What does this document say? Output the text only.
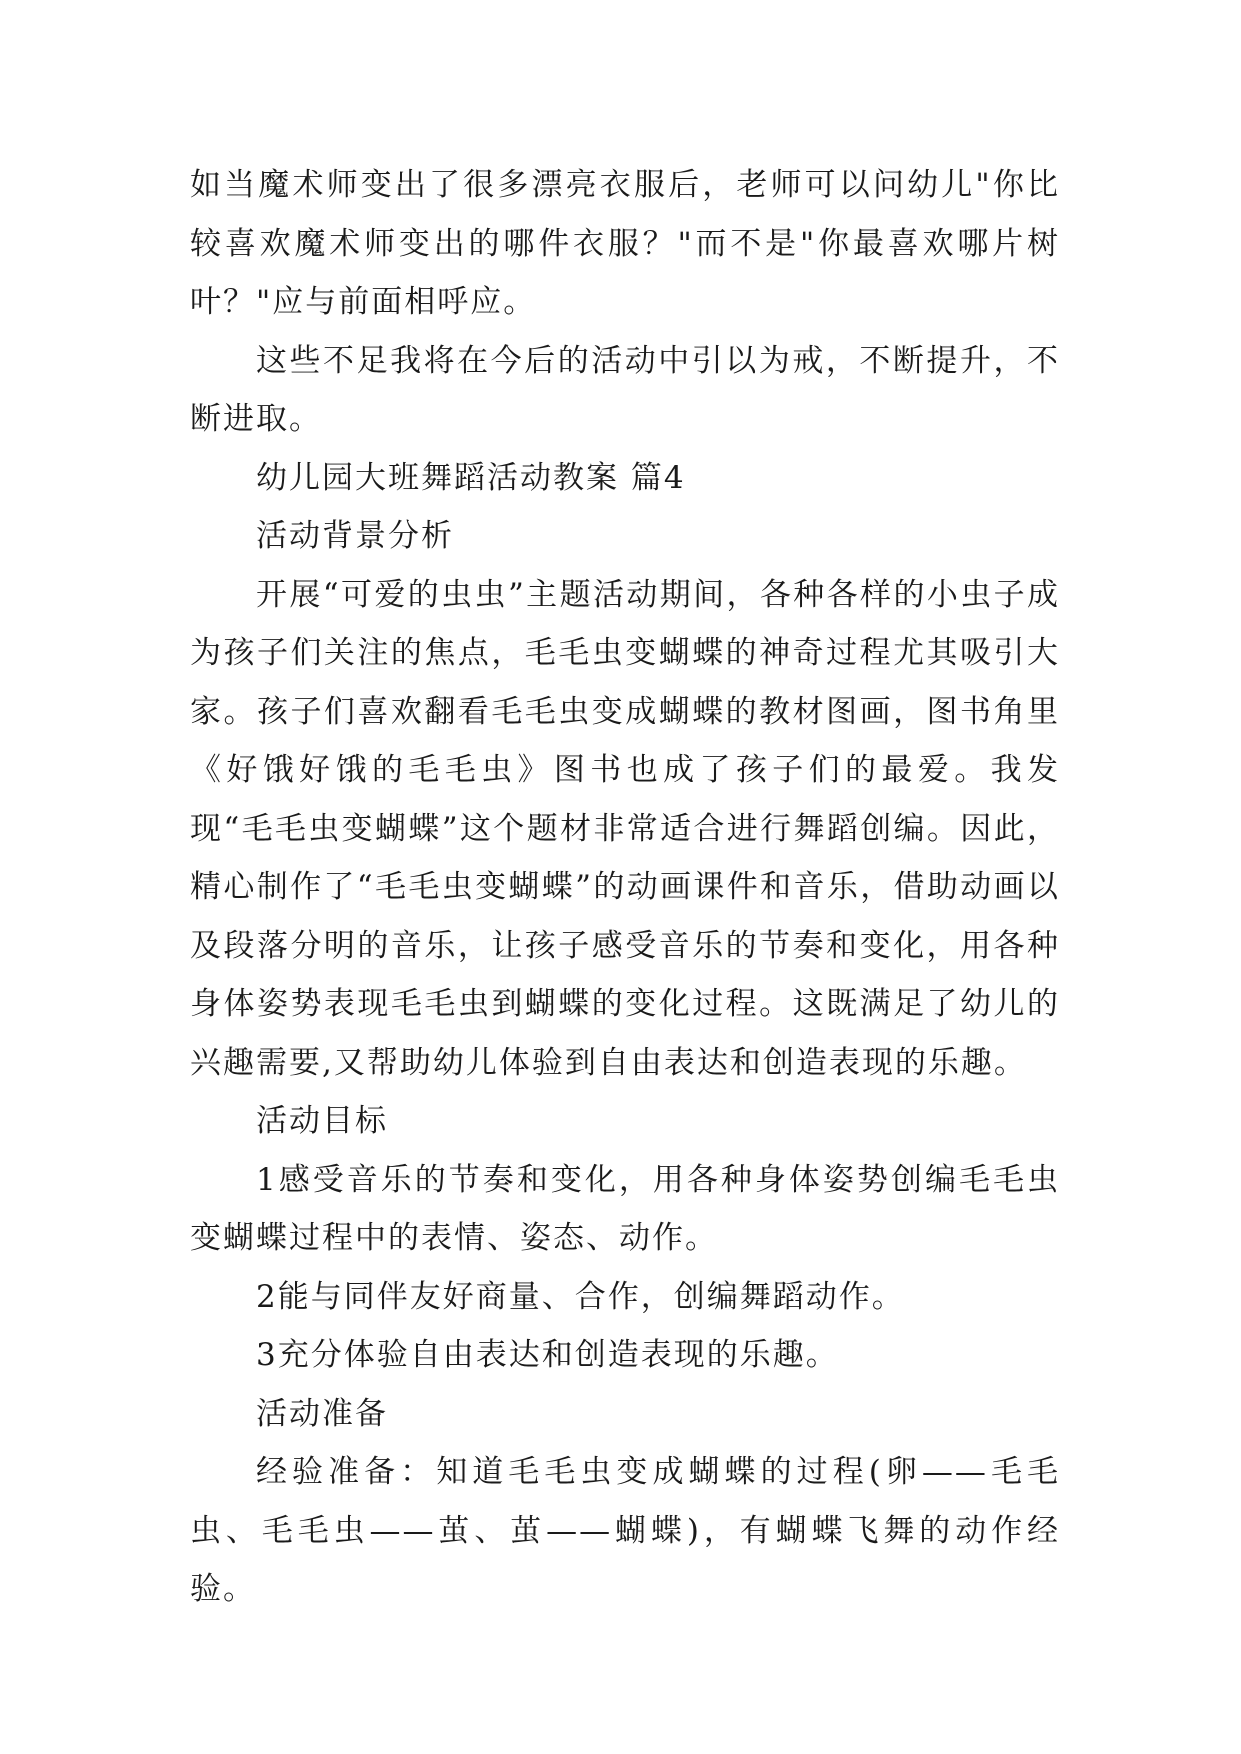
如当魔术师变出了很多漂亮衣服后，老师可以问幼儿"你比较喜欢魔术师变出的哪件衣服？"而不是"你最喜欢哪片树叶？"应与前面相呼应。

这些不足我将在今后的活动中引以为戒，不断提升，不断进取。

幼儿园大班舞蹈活动教案 篇4

活动背景分析

开展“可爱的虫虫”主题活动期间，各种各样的小虫子成为孩子们关注的焦点，毛毛虫变蝴蝶的神奇过程尤其吸引大家。孩子们喜欢翻看毛毛虫变成蝴蝶的教材图画，图书角里《好饿好饿的毛毛虫》图书也成了孩子们的最爱。我发现“毛毛虫变蝴蝶”这个题材非常适合进行舞蹈创编。因此，精心制作了“毛毛虫变蝴蝶”的动画课件和音乐，借助动画以及段落分明的音乐，让孩子感受音乐的节奏和变化，用各种身体姿势表现毛毛虫到蝴蝶的变化过程。这既满足了幼儿的兴趣需要,又帮助幼儿体验到自由表达和创造表现的乐趣。

活动目标

1感受音乐的节奏和变化，用各种身体姿势创编毛毛虫变蝴蝶过程中的表情、姿态、动作。

2能与同伴友好商量、合作，创编舞蹈动作。

3充分体验自由表达和创造表现的乐趣。

活动准备

经验准备：知道毛毛虫变成蝴蝶的过程(卵——毛毛虫、毛毛虫——茧、茧——蝴蝶)，有蝴蝶飞舞的动作经验。
